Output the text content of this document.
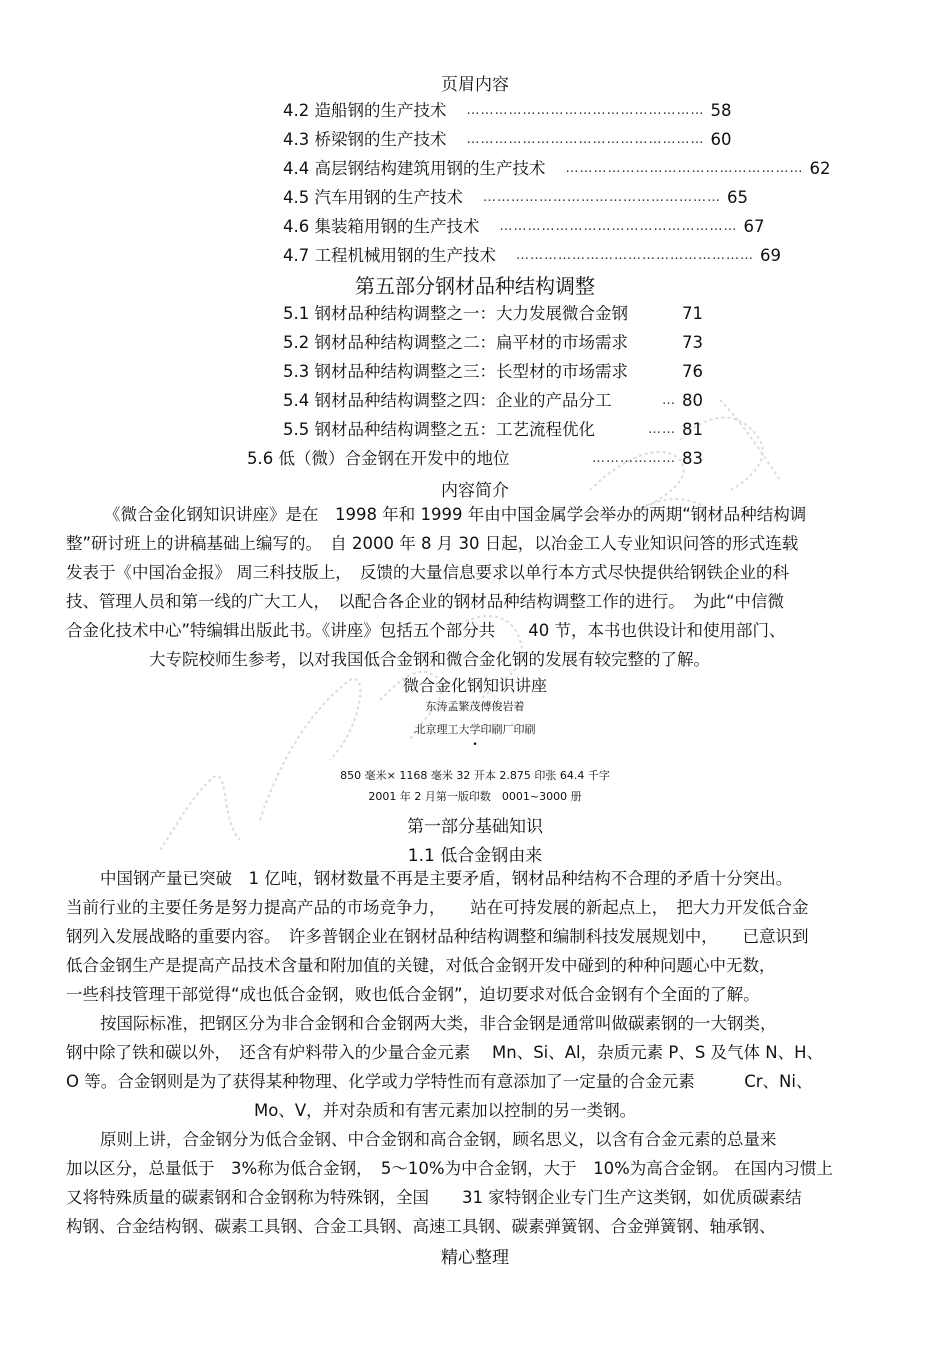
页眉内容
4.2 造船钢的生产技术 …………………………………………… 58
4.3 桥梁钢的生产技术 …………………………………………… 60
4.4 高层钢结构建筑用钢的生产技术 …………………………………………… 62
4.5 汽车用钢的生产技术 …………………………………………… 65
4.6 集装箱用钢的生产技术 …………………………………………… 67
4.7 工程机械用钢的生产技术 …………………………………………… 69
第五部分钢材品种结构调整
5.1 钢材品种结构调整之一：大力发展微合金钢	71
5.2 钢材品种结构调整之二：扁平材的市场需求	73
5.3 钢材品种结构调整之三：长型材的市场需求	76
5.4 钢材品种结构调整之四：企业的产品分工	… 80
5.5 钢材品种结构调整之五：工艺流程优化	…… 81
5.6 低（微）合金钢在开发中的地位	……………… 83
内容简介
《微合金化钢知识讲座》是在　1998 年和 1999 年由中国金属学会举办的两期“钢材品种结构调
整”研讨班上的讲稿基础上编写的。　自 2000 年 8 月 30 日起，以冶金工人专业知识问答的形式连载
发表于《中国冶金报》 周三科技版上，　反馈的大量信息要求以单行本方式尽快提供给钢铁企业的科
技、管理人员和第一线的广大工人，　以配合各企业的钢材品种结构调整工作的进行。　为此“中信微
合金化技术中心”特编辑出版此书。《讲座》包括五个部分共　　40 节，本书也供设计和使用部门、
大专院校师生参考，以对我国低合金钢和微合金化钢的发展有较完整的了解。
微合金化钢知识讲座
东涛孟繁茂傅俊岩着
北京理工大学印刷厂印刷
•
850 毫米× 1168 毫米 32 开本 2.875 印张 64.4 千字
2001 年 2 月第一版印数　0001~3000 册
第一部分基础知识
1.1 低合金钢由来
中国钢产量已突破　1 亿吨，钢材数量不再是主要矛盾，钢材品种结构不合理的矛盾十分突出。
当前行业的主要任务是努力提高产品的市场竞争力，　　站在可持发展的新起点上，　把大力开发低合金
钢列入发展战略的重要内容。　许多普钢企业在钢材品种结构调整和编制科技发展规划中，　　已意识到
低合金钢生产是提高产品技术含量和附加值的关键，对低合金钢开发中碰到的种种问题心中无数，
一些科技管理干部觉得“成也低合金钢，败也低合金钢”，迫切要求对低合金钢有个全面的了解。
按国际标准，把钢区分为非合金钢和合金钢两大类，非合金钢是通常叫做碳素钢的一大钢类，
钢中除了铁和碳以外，　还含有炉料带入的少量合金元素　 Mn、Si、Al，杂质元素 P、S 及气体 N、H、
O 等。合金钢则是为了获得某种物理、化学或力学特性而有意添加了一定量的合金元素　　　Cr、Ni、
Mo、V，并对杂质和有害元素加以控制的另一类钢。
原则上讲，合金钢分为低合金钢、中合金钢和高合金钢，顾名思义，以含有合金元素的总量来
加以区分，总量低于　3%称为低合金钢，　5～10%为中合金钢，大于　10%为高合金钢。 在国内习惯上
又将特殊质量的碳素钢和合金钢称为特殊钢，全国　　31 家特钢企业专门生产这类钢，如优质碳素结
构钢、合金结构钢、碳素工具钢、合金工具钢、高速工具钢、碳素弹簧钢、合金弹簧钢、轴承钢、
精心整理
